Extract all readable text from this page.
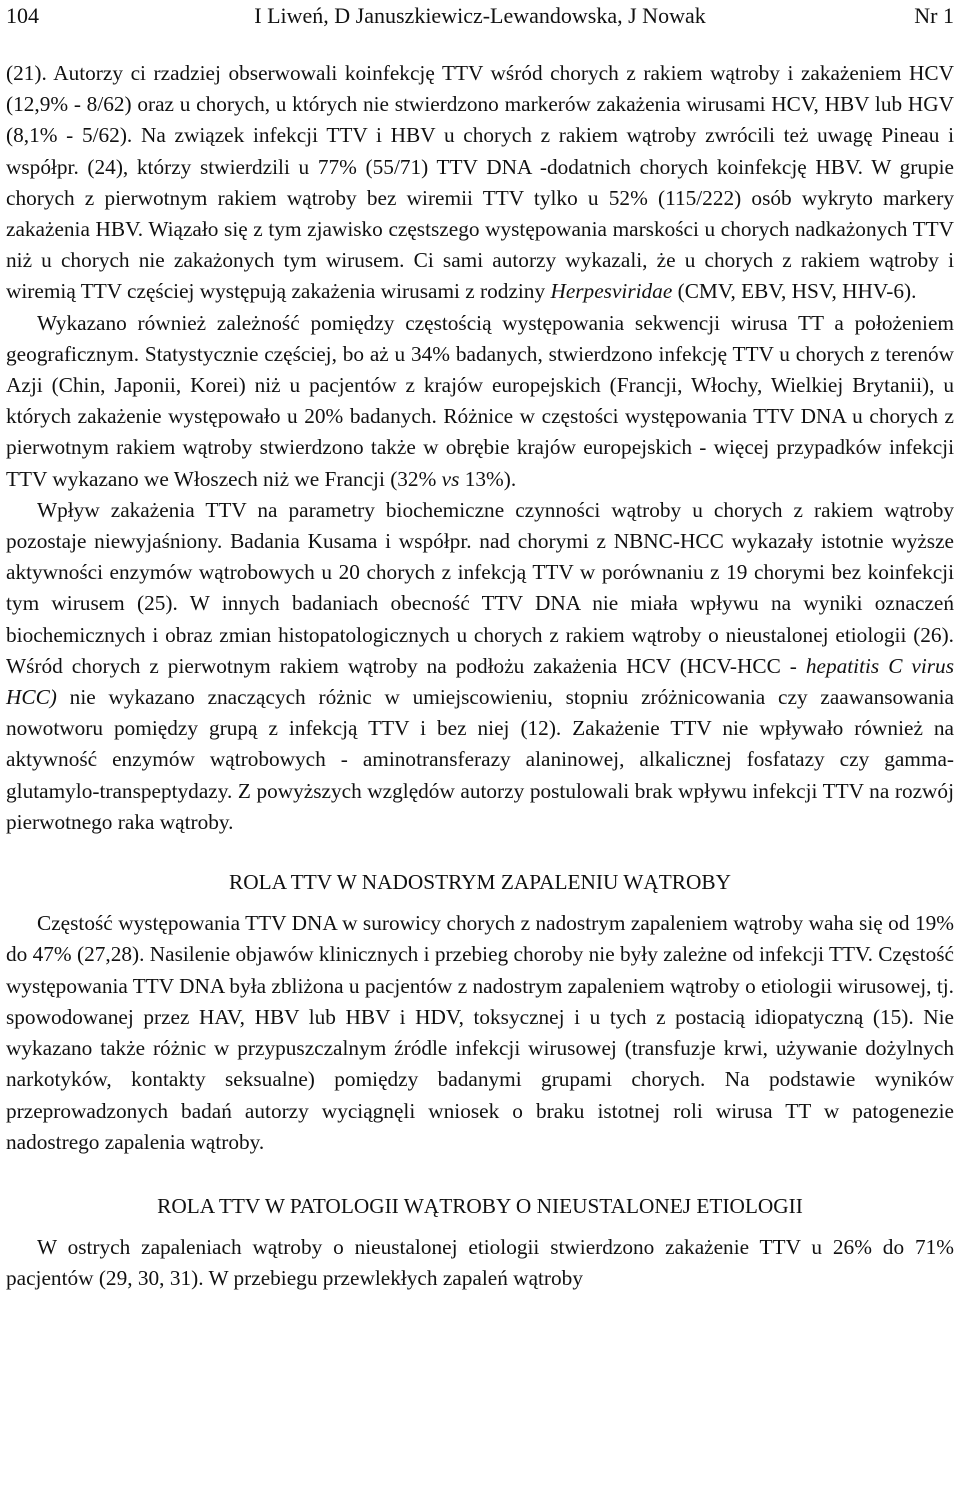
104	I Liweń, D Januszkiewicz-Lewandowska, J Nowak	Nr 1

(21). Autorzy ci rzadziej obserwowali koinfekcję TTV wśród chorych z rakiem wątroby i zakażeniem HCV (12,9% - 8/62) oraz u chorych, u których nie stwierdzono markerów zakażenia wirusami HCV, HBV lub HGV (8,1% - 5/62). Na związek infekcji TTV i HBV u chorych z rakiem wątroby zwrócili też uwagę Pineau i współpr. (24), którzy stwierdzili u 77% (55/71) TTV DNA -dodatnich chorych koinfekcję HBV. W grupie chorych z pierwotnym rakiem wątroby bez wiremii TTV tylko u 52% (115/222) osób wykryto markery zakażenia HBV. Wiązało się z tym zjawisko częstszego występowania marskości u chorych nadkażonych TTV niż u chorych nie zakażonych tym wirusem. Ci sami autorzy wykazali, że u chorych z rakiem wątroby i wiremią TTV częściej występują zakażenia wirusami z rodziny Herpesviridae (CMV, EBV, HSV, HHV-6).

Wykazano również zależność pomiędzy częstością występowania sekwencji wirusa TT a położeniem geograficznym. Statystycznie częściej, bo aż u 34% badanych, stwierdzono infekcję TTV u chorych z terenów Azji (Chin, Japonii, Korei) niż u pacjentów z krajów europejskich (Francji, Włochy, Wielkiej Brytanii), u których zakażenie występowało u 20% badanych. Różnice w częstości występowania TTV DNA u chorych z pierwotnym rakiem wątroby stwierdzono także w obrębie krajów europejskich - więcej przypadków infekcji TTV wykazano we Włoszech niż we Francji (32% vs 13%).

Wpływ zakażenia TTV na parametry biochemiczne czynności wątroby u chorych z rakiem wątroby pozostaje niewyjaśniony. Badania Kusama i współpr. nad chorymi z NBNC-HCC wykazały istotnie wyższe aktywności enzymów wątrobowych u 20 chorych z infekcją TTV w porównaniu z 19 chorymi bez koinfekcji tym wirusem (25). W innych badaniach obecność TTV DNA nie miała wpływu na wyniki oznaczeń biochemicznych i obraz zmian histopatologicznych u chorych z rakiem wątroby o nieustalonej etiologii (26). Wśród chorych z pierwotnym rakiem wątroby na podłożu zakażenia HCV (HCV-HCC - hepatitis C virus HCC) nie wykazano znaczących różnic w umiejscowieniu, stopniu zróżnicowania czy zaawansowania nowotworu pomiędzy grupą z infekcją TTV i bez niej (12). Zakażenie TTV nie wpływało również na aktywność enzymów wątrobowych - aminotransferazy alaninowej, alkalicznej fosfatazy czy gamma-glutamylo-transpeptydazy. Z powyższych względów autorzy postulowali brak wpływu infekcji TTV na rozwój pierwotnego raka wątroby.

ROLA TTV W NADOSTRYM ZAPALENIU WĄTROBY

Częstość występowania TTV DNA w surowicy chorych z nadostrym zapaleniem wątroby waha się od 19% do 47% (27,28). Nasilenie objawów klinicznych i przebieg choroby nie były zależne od infekcji TTV. Częstość występowania TTV DNA była zbliżona u pacjentów z nadostrym zapaleniem wątroby o etiologii wirusowej, tj. spowodowanej przez HAV, HBV lub HBV i HDV, toksycznej i u tych z postacią idiopatyczną (15). Nie wykazano także różnic w przypuszczalnym źródle infekcji wirusowej (transfuzje krwi, używanie dożylnych narkotyków, kontakty seksualne) pomiędzy badanymi grupami chorych. Na podstawie wyników przeprowadzonych badań autorzy wyciągnęli wniosek o braku istotnej roli wirusa TT w patogenezie nadostrego zapalenia wątroby.

ROLA TTV W PATOLOGII WĄTROBY O NIEUSTALONEJ ETIOLOGII

W ostrych zapaleniach wątroby o nieustalonej etiologii stwierdzono zakażenie TTV u 26% do 71% pacjentów (29, 30, 31). W przebiegu przewlekłych zapaleń wątroby
